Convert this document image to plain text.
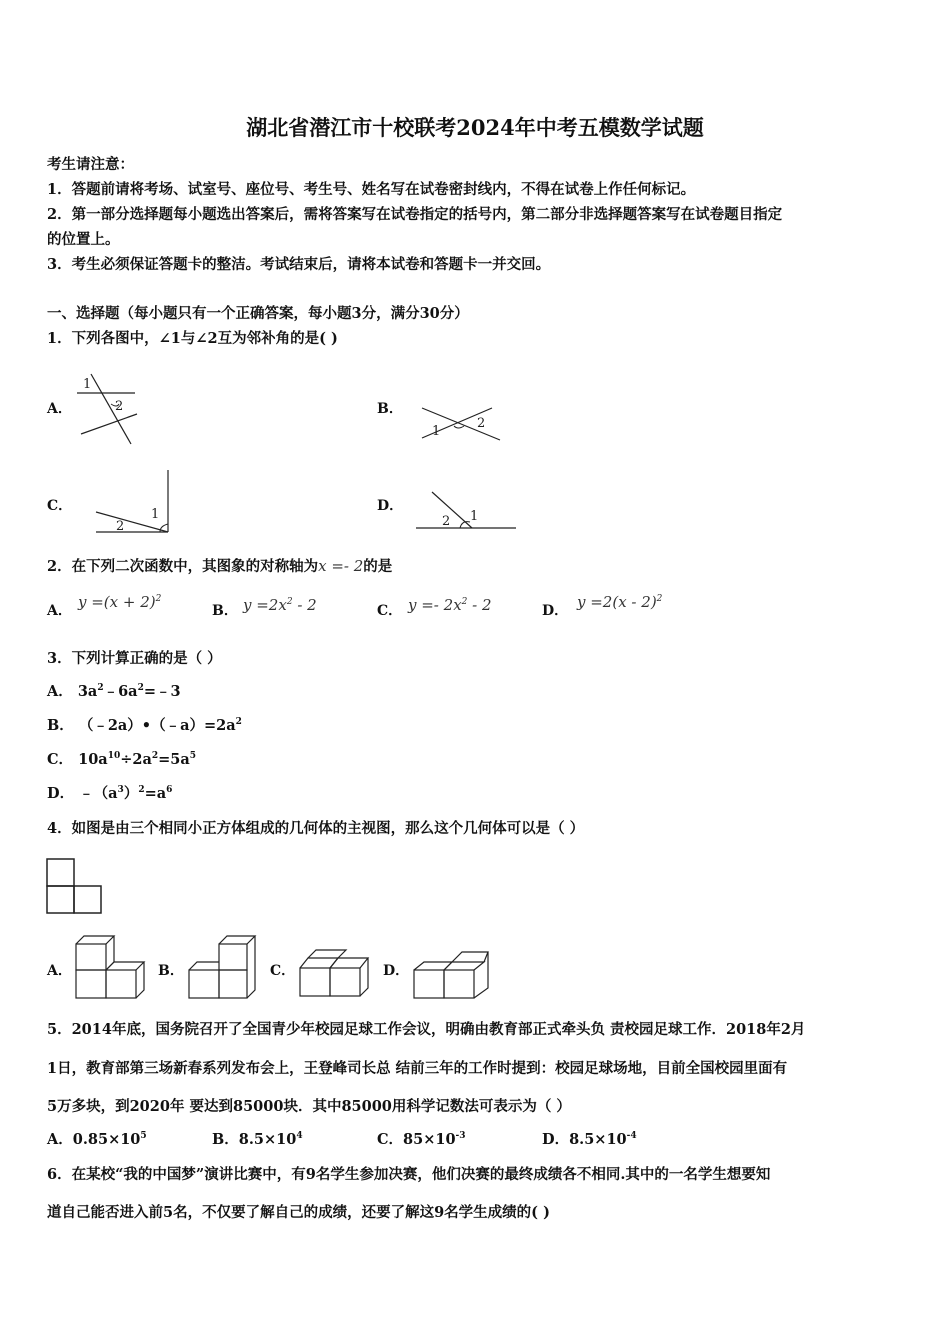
湖北省潜江市十校联考2024年中考五模数学试题
考生请注意：
1．答题前请将考场、试室号、座位号、考生号、姓名写在试卷密封线内，不得在试卷上作任何标记。
2．第一部分选择题每小题选出答案后，需将答案写在试卷指定的括号内，第二部分非选择题答案写在试卷题目指定
的位置上。
3．考生必须保证答题卡的整洁。考试结束后，请将本试卷和答题卡一并交回。
一、选择题（每小题只有一个正确答案，每小题3分，满分30分）
1．下列各图中，∠1与∠2互为邻补角的是( )
A．	B．
C．	D．
1
2
1
2
2
1	2 1
2．在下列二次函数中，其图象的对称轴为x =- 2的是
A． $y =(x + 2)^2$
B． $y =2x^2 - 2$	C． $y =- 2x^2 - 2$	D． y =2(x - 2)$^2$
3．下列计算正确的是（ ）
A． $3a^2﹣6a^2=﹣3$
B． $(﹣2a)•(﹣a)=2a^2$
C． $10a^{10}\div 2a^2=5a^5$
D． $﹣(a^3)^2=a^6$
4．如图是由三个相同小正方体组成的几何体的主视图，那么这个几何体可以是（ ）
A．	B．	C．	D．
5．2014年底，国务院召开了全国青少年校园足球工作会议，明确由教育部正式牵头负 责校园足球工作．2018年2月
1日，教育部第三场新春系列发布会上，王登峰司长总 结前三年的工作时提到：校园足球场地，目前全国校园里面有
5万多块，到2020年 要达到85000块．其中85000用科学记数法可表示为（ ）
A．$0.85\times 10^5$	B．$8.5\times 10^4$	C．$85\times 10^{-3}$	D．$8.5\times 10^{-4}$
6．在某校“我的中国梦”演讲比赛中，有9名学生参加决赛，他们决赛的最终成绩各不相同.其中的一名学生想要知
道自己能否进入前5名，不仅要了解自己的成绩，还要了解这9名学生成绩的( )
